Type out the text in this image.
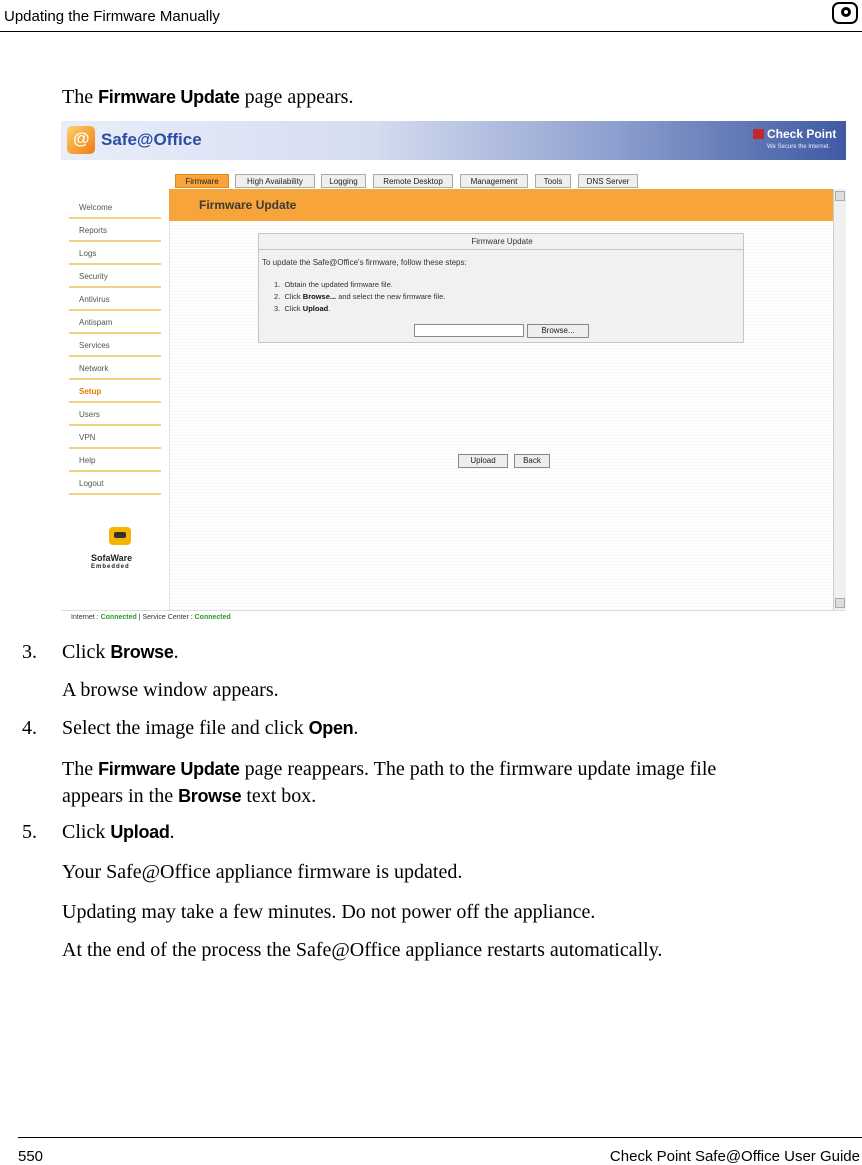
Updating the Firmware Manually
The Firmware Update page appears.
@
Safe@Office	9.0	Check Point
We Secure the Internet.
Welcome
Reports
Logs
Security
Antivirus
Antispam
Services
Network
Setup
Users
VPN
Help
Logout
SofaWare
Embedded
Firmware	High Availability	Logging	Remote Desktop	Management	Tools	DNS Server
Firmware Update
Firmware Update
To update the Safe@Office's firmware, follow these steps:
1. Obtain the updated firmware file.
2. Click Browse... and select the new firmware file.
3. Click Upload.
Browse...
Upload	Back
Internet : Connected | Service Center : Connected
3. Click Browse.
A browse window appears.
4. Select the image file and click Open.
The Firmware Update page reappears. The path to the firmware update image file
appears in the Browse text box.
5. Click Upload.
Your Safe@Office appliance firmware is updated.
Updating may take a few minutes. Do not power off the appliance.
At the end of the process the Safe@Office appliance restarts automatically.
550	Check Point Safe@Office User Guide
